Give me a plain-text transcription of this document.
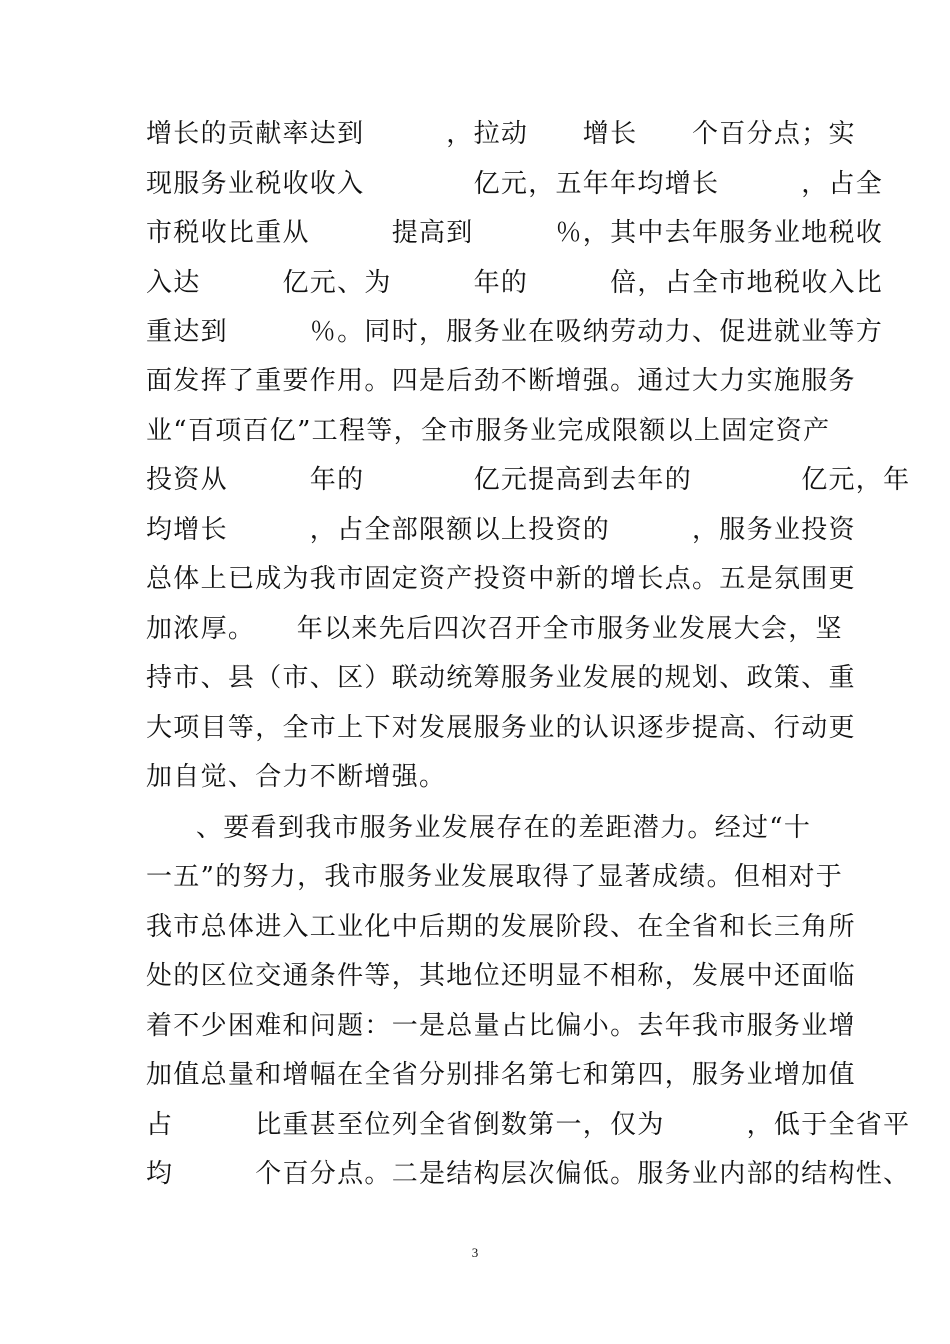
增长的贡献率达到　　　，拉动　　增长　　个百分点；实
现服务业税收收入　　　　亿元，五年年均增长　　　，占全
市税收比重从　　　提高到　　　％，其中去年服务业地税收
入达　　　亿元、为　　　年的　　　倍，占全市地税收入比
重达到　　　％。同时，服务业在吸纳劳动力、促进就业等方
面发挥了重要作用。四是后劲不断增强。通过大力实施服务
业“百项百亿”工程等，全市服务业完成限额以上固定资产
投资从　　　年的　　　　亿元提高到去年的　　　　亿元，年
均增长　　　，占全部限额以上投资的　　　，服务业投资
总体上已成为我市固定资产投资中新的增长点。五是氛围更
加浓厚。　　年以来先后四次召开全市服务业发展大会，坚
持市、县（市、区）联动统筹服务业发展的规划、政策、重
大项目等，全市上下对发展服务业的认识逐步提高、行动更
加自觉、合力不断增强。
、要看到我市服务业发展存在的差距潜力。经过“十
一五”的努力，我市服务业发展取得了显著成绩。但相对于
我市总体进入工业化中后期的发展阶段、在全省和长三角所
处的区位交通条件等，其地位还明显不相称，发展中还面临
着不少困难和问题：一是总量占比偏小。去年我市服务业增
加值总量和增幅在全省分别排名第七和第四，服务业增加值
占　　　比重甚至位列全省倒数第一，仅为　　　，低于全省平
均　　　个百分点。二是结构层次偏低。服务业内部的结构性、
3
